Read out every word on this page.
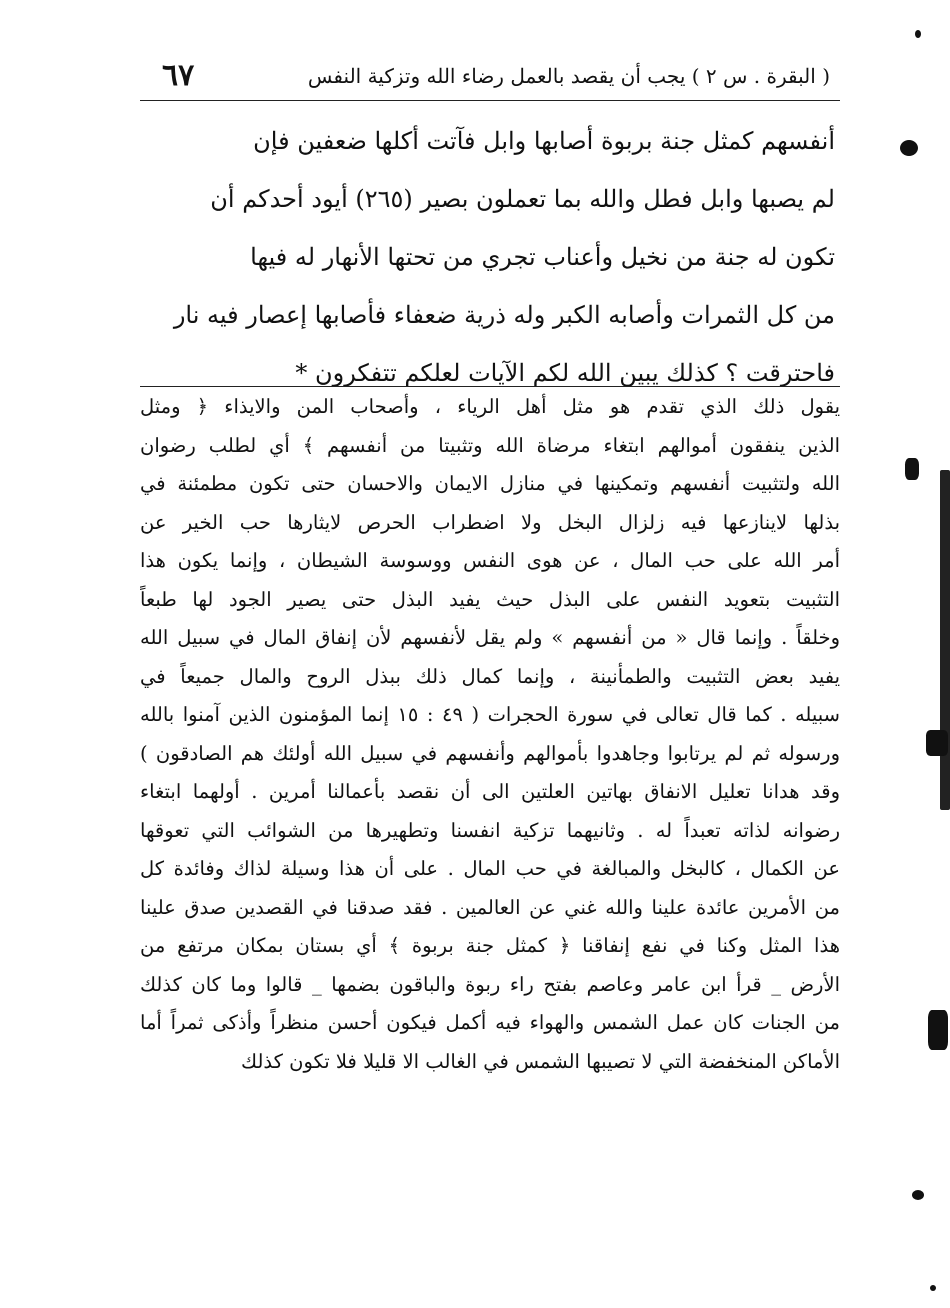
٦٧	( البقرة . س ٢ ) يجب أن يقصد بالعمل رضاء الله وتزكية النفس
أنفسهم كمثل جنة بربوة أصابها وابل فآتت أكلها ضعفين فإن
لم يصبها وابل فطل والله بما تعملون بصير (٢٦٥) أيود أحدكم أن
تكون له جنة من نخيل وأعناب تجري من تحتها الأنهار له فيها
من كل الثمرات وأصابه الكبر وله ذرية ضعفاء فأصابها إعصار فيه نار
فاحترقت ؟ كذلك يبين الله لكم الآيات لعلكم تتفكرون *
يقول ذلك الذي تقدم هو مثل أهل الرياء ، وأصحاب المن والايذاء ﴿ ومثل
الذين ينفقون أموالهم ابتغاء مرضاة الله وتثبيتا من أنفسهم ﴾ أي لطلب رضوان
الله ولتثبيت أنفسهم وتمكينها في منازل الايمان والاحسان حتى تكون مطمئنة في
بذلها لاينازعها فيه زلزال البخل ولا اضطراب الحرص لايثارها حب الخير عن
أمر الله على حب المال ، عن هوى النفس ووسوسة الشيطان ، وإنما يكون هذا
التثبيت بتعويد النفس على البذل حيث يفيد البذل حتى يصير الجود لها طبعاً
وخلقاً . وإنما قال « من أنفسهم » ولم يقل لأنفسهم لأن إنفاق المال في سبيل الله
يفيد بعض التثبيت والطمأنينة ، وإنما كمال ذلك ببذل الروح والمال جميعاً في
سبيله . كما قال تعالى في سورة الحجرات ( ٤٩ : ١٥ إنما المؤمنون الذين آمنوا بالله
ورسوله ثم لم يرتابوا وجاهدوا بأموالهم وأنفسهم في سبيل الله أولئك هم الصادقون )
وقد هدانا تعليل الانفاق بهاتين العلتين الى أن نقصد بأعمالنا أمرين . أولهما ابتغاء
رضوانه لذاته تعبداً له . وثانيهما تزكية انفسنا وتطهيرها من الشوائب التي تعوقها
عن الكمال ، كالبخل والمبالغة في حب المال . على أن هذا وسيلة لذاك وفائدة كل
من الأمرين عائدة علينا والله غني عن العالمين . فقد صدقنا في القصدين صدق علينا
هذا المثل وكنا في نفع إنفاقنا ﴿ كمثل جنة بربوة ﴾ أي بستان بمكان مرتفع من
الأرض _ قرأ ابن عامر وعاصم بفتح راء ربوة والباقون بضمها _ قالوا وما كان كذلك
من الجنات كان عمل الشمس والهواء فيه أكمل فيكون أحسن منظراً وأذكى ثمراً أما
الأماكن المنخفضة التي لا تصيبها الشمس في الغالب الا قليلا فلا تكون كذلك
